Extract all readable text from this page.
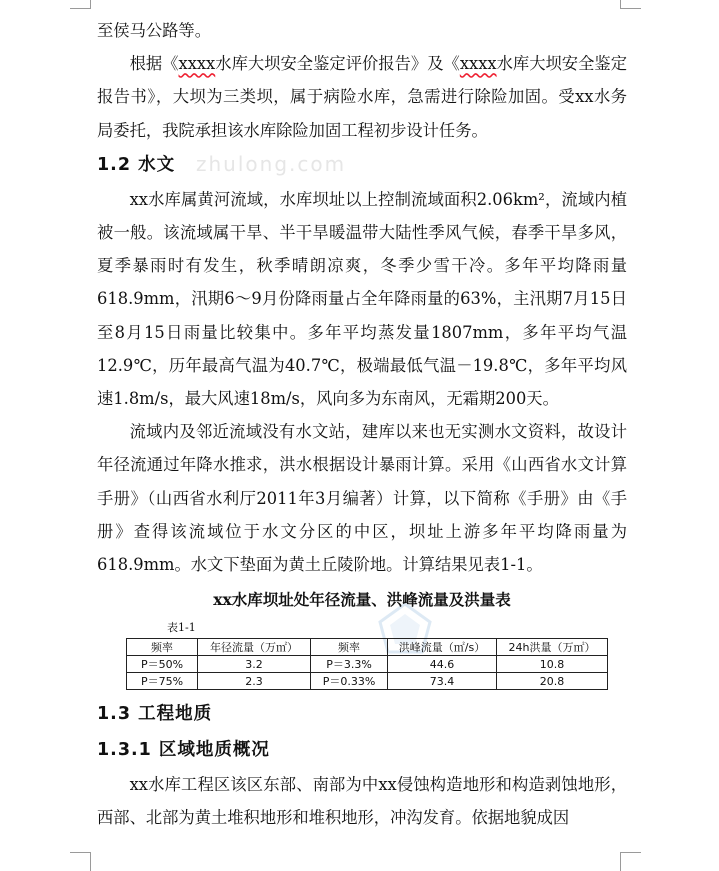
zhulong.com

至侯马公路等。

根据《xxxx水库大坝安全鉴定评价报告》及《xxxx水库大坝安全鉴定报告书》，大坝为三类坝，属于病险水库，急需进行除险加固。受xx水务局委托，我院承担该水库除险加固工程初步设计任务。

1.2 水文

xx水库属黄河流域，水库坝址以上控制流域面积2.06km²，流域内植被一般。该流域属干旱、半干旱暖温带大陆性季风气候，春季干旱多风，夏季暴雨时有发生，秋季晴朗凉爽，冬季少雪干冷。多年平均降雨量618.9mm，汛期6～9月份降雨量占全年降雨量的63%，主汛期7月15日至8月15日雨量比较集中。多年平均蒸发量1807mm，多年平均气温12.9℃，历年最高气温为40.7℃，极端最低气温－19.8℃，多年平均风速1.8m/s，最大风速18m/s，风向多为东南风，无霜期200天。

流域内及邻近流域没有水文站，建库以来也无实测水文资料，故设计年径流通过年降水推求，洪水根据设计暴雨计算。采用《山西省水文计算手册》（山西省水利厅2011年3月编著）计算，以下简称《手册》由《手册》查得该流域位于水文分区的中区，坝址上游多年平均降雨量为618.9mm。水文下垫面为黄土丘陵阶地。计算结果见表1-1。

xx水库坝址处年径流量、洪峰流量及洪量表

表1-1

频率	年径流量（万㎡）	频率	洪峰流量（㎡/s）	24h洪量（万㎡）
P＝50%	3.2	P＝3.3%	44.6	10.8
P＝75%	2.3	P＝0.33%	73.4	20.8
1.3 工程地质
1.3.1 区域地质概况

xx水库工程区该区东部、南部为中xx侵蚀构造地形和构造剥蚀地形，西部、北部为黄土堆积地形和堆积地形，冲沟发育。依据地貌成因
